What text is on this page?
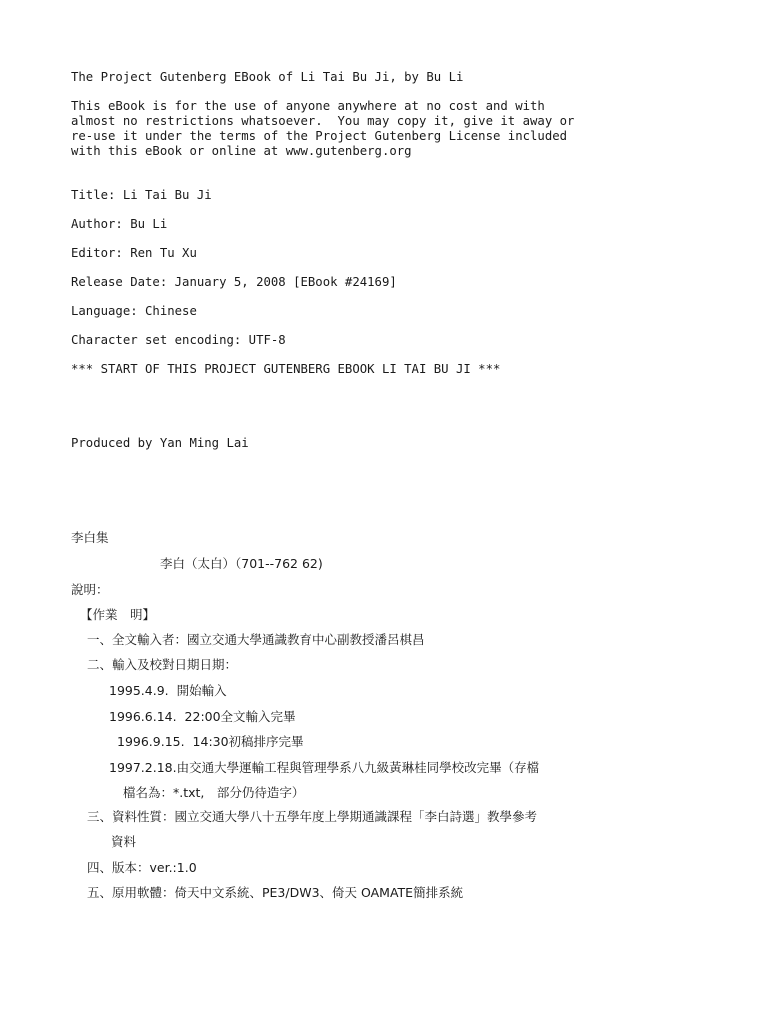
The Project Gutenberg EBook of Li Tai Bu Ji, by Bu Li

This eBook is for the use of anyone anywhere at no cost and with

almost no restrictions whatsoever.  You may copy it, give it away or

re-use it under the terms of the Project Gutenberg License included

with this eBook or online at www.gutenberg.org

Title: Li Tai Bu Ji

Author: Bu Li

Editor: Ren Tu Xu

Release Date: January 5, 2008 [EBook #24169]

Language: Chinese

Character set encoding: UTF-8

*** START OF THIS PROJECT GUTENBERG EBOOK LI TAI BU JI ***

Produced by Yan Ming Lai

李白集

李白（太白）（701--762 62)

說明：

【作業　明】

一、全文輸入者：國立交通大學通識教育中心副教授潘呂棋昌

二、輸入及校對日期日期：

1995.4.9.  開始輸入

1996.6.14.  22:00全文輸入完畢

1996.9.15.  14:30初稿排序完畢

1997.2.18.由交通大學運輸工程與管理學系八九級黃琳桂同學校改完畢（存檔

檔名為：*.txt,　部分仍待造字）

三、資料性質：國立交通大學八十五學年度上學期通識課程「李白詩選」教學參考

資料

四、版本：ver.:1.0

五、原用軟體：倚天中文系統、PE3/DW3、倚天 OAMATE簡排系統
